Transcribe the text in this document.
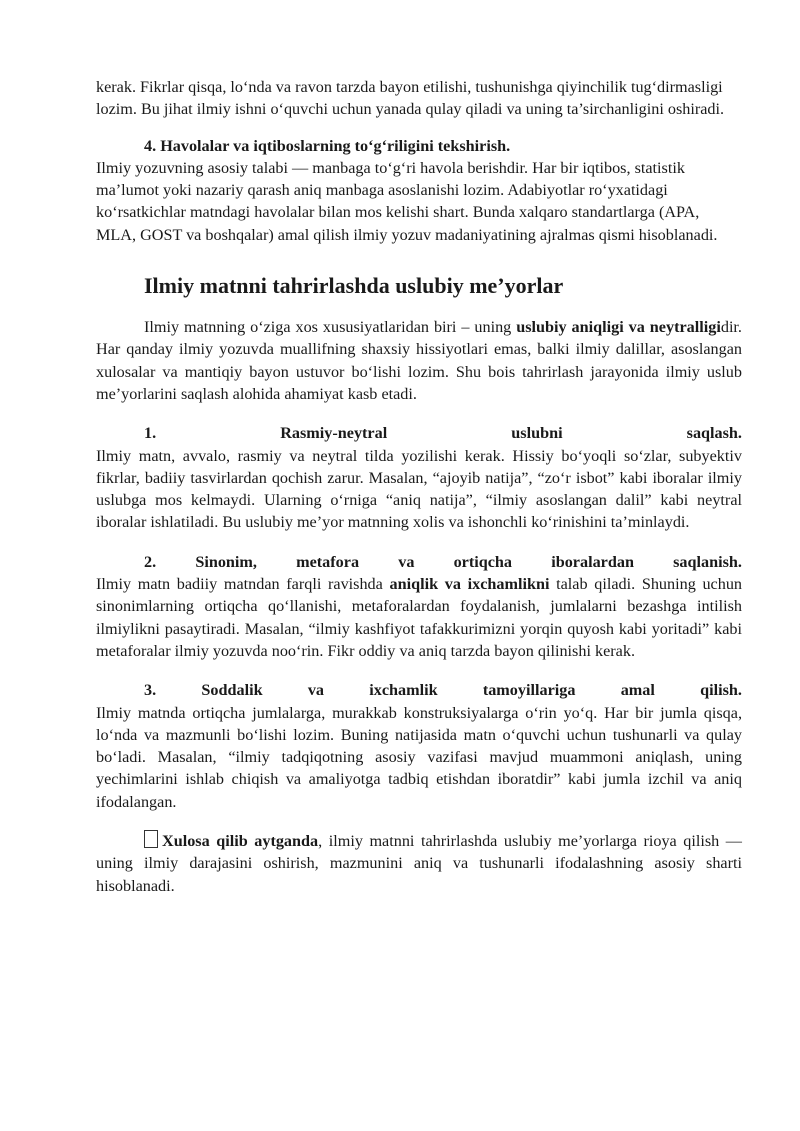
kerak. Fikrlar qisqa, lo‘nda va ravon tarzda bayon etilishi, tushunishga qiyinchilik tug‘dirmasligi lozim. Bu jihat ilmiy ishni o‘quvchi uchun yanada qulay qiladi va uning ta’sirchanligini oshiradi.

4. Havolalar va iqtiboslarning to‘g‘riligini tekshirish.

Ilmiy yozuvning asosiy talabi — manbaga to‘g‘ri havola berishdir. Har bir iqtibos, statistik ma’lumot yoki nazariy qarash aniq manbaga asoslanishi lozim. Adabiyotlar ro‘yxatidagi ko‘rsatkichlar matndagi havolalar bilan mos kelishi shart. Bunda xalqaro standartlarga (APA, MLA, GOST va boshqalar) amal qilish ilmiy yozuv madaniyatining ajralmas qismi hisoblanadi.

Ilmiy matnni tahrirlashda uslubiy me’yorlar

Ilmiy matnning o‘ziga xos xususiyatlaridan biri – uning uslubiy aniqligi va neytralligidir. Har qanday ilmiy yozuvda muallifning shaxsiy hissiyotlari emas, balki ilmiy dalillar, asoslangan xulosalar va mantiqiy bayon ustuvor bo‘lishi lozim. Shu bois tahrirlash jarayonida ilmiy uslub me’yorlarini saqlash alohida ahamiyat kasb etadi.

1.	Rasmiy-neytral	uslubni	saqlash.

Ilmiy matn, avvalo, rasmiy va neytral tilda yozilishi kerak. Hissiy bo‘yoqli so‘zlar, subyektiv fikrlar, badiiy tasvirlardan qochish zarur. Masalan, “ajoyib natija”, “zo‘r isbot” kabi iboralar ilmiy uslubga mos kelmaydi. Ularning o‘rniga “aniq natija”, “ilmiy asoslangan dalil” kabi neytral iboralar ishlatiladi. Bu uslubiy me’yor matnning xolis va ishonchli ko‘rinishini ta’minlaydi.

2. Sinonim, metafora va ortiqcha iboralardan saqlanish.

Ilmiy matn badiiy matndan farqli ravishda aniqlik va ixchamlikni talab qiladi. Shuning uchun sinonimlarning ortiqcha qo‘llanishi, metaforalardan foydalanish, jumlalarni bezashga intilish ilmiylikni pasaytiradi. Masalan, “ilmiy kashfiyot tafakkurimizni yorqin quyosh kabi yoritadi” kabi metaforalar ilmiy yozuvda noo‘rin. Fikr oddiy va aniq tarzda bayon qilinishi kerak.

3.	Soddalik	va	ixchamlik	tamoyillariga	amal	qilish.

Ilmiy matnda ortiqcha jumlalarga, murakkab konstruksiyalarga o‘rin yo‘q. Har bir jumla qisqa, lo‘nda va mazmunli bo‘lishi lozim. Buning natijasida matn o‘quvchi uchun tushunarli va qulay bo‘ladi. Masalan, “ilmiy tadqiqotning asosiy vazifasi mavjud muammoni aniqlash, uning yechimlarini ishlab chiqish va amaliyotga tadbiq etishdan iboratdir” kabi jumla izchil va aniq ifodalangan.

Xulosa qilib aytganda, ilmiy matnni tahrirlashda uslubiy me’yorlarga rioya qilish — uning ilmiy darajasini oshirish, mazmunini aniq va tushunarli ifodalashning asosiy sharti hisoblanadi.
